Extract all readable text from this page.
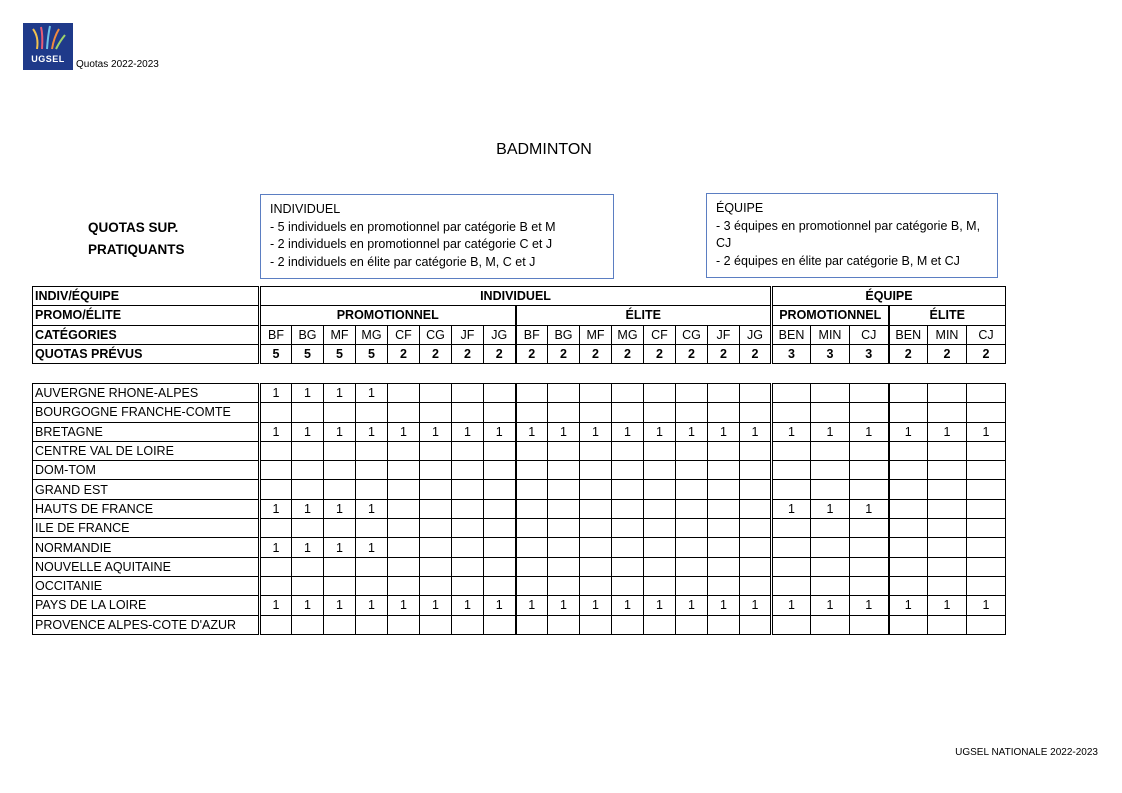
UGSEL	Quotas 2022-2023
BADMINTON
QUOTAS SUP.
PRATIQUANTS
INDIVIDUEL
- 5 individuels en promotionnel par catégorie B et M
- 2 individuels en promotionnel par catégorie C et J
- 2 individuels en élite par catégorie B, M, C et J
ÉQUIPE
- 3 équipes en promotionnel par catégorie B, M, CJ
- 2 équipes en élite par catégorie B, M et CJ
INDIV/ÉQUIPE	INDIVIDUEL																ÉQUIPE					
PROMO/ÉLITE	PROMOTIONNEL								ÉLITE								PROMOTIONNEL			ÉLITE		
CATÉGORIES	BF	BG	MF	MG	CF	CG	JF	JG	BF	BG	MF	MG	CF	CG	JF	JG	BEN	MIN	CJ	BEN	MIN	CJ
QUOTAS PRÉVUS	5	5	5	5	2	2	2	2	2	2	2	2	2	2	2	2	3	3	3	2	2	2
AUVERGNE RHONE-ALPES	1	1	1	1																		
BOURGOGNE FRANCHE-COMTE																						
BRETAGNE	1	1	1	1	1	1	1	1	1	1	1	1	1	1	1	1	1	1	1	1	1	1
CENTRE VAL DE LOIRE																						
DOM-TOM																						
GRAND EST																						
HAUTS DE FRANCE	1	1	1	1													1	1	1			
ILE DE FRANCE																						
NORMANDIE	1	1	1	1																		
NOUVELLE AQUITAINE																						
OCCITANIE																						
PAYS DE LA LOIRE	1	1	1	1	1	1	1	1	1	1	1	1	1	1	1	1	1	1	1	1	1	1
PROVENCE ALPES-COTE D'AZUR																						
UGSEL NATIONALE 2022-2023
